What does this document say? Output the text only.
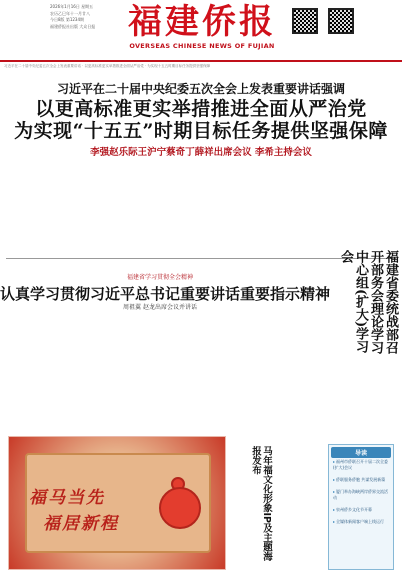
2026年1月16日 星期五
农历乙巳年十一月廿八
今日8版 第1234期
福建侨报社出版 大众日报 福建侨报
OVERSEAS CHINESE NEWS OF FUJIAN
习近平在二十届中央纪委五次全会上发表重要讲话 · 以更高标准更实举措推进全面从严治党 · 为实现十五五时期目标任务提供坚强保障
习近平在二十届中央纪委五次全会上发表重要讲话强调
以更高标准更实举措推进全面从严治党
为实现“十五五”时期目标任务提供坚强保障
李强赵乐际王沪宁蔡奇丁薛祥出席会议 李希主持会议
福建省学习贯彻全会精神
认真学习贯彻习近平总书记重要讲话重要指示精神
周祖翼 赵龙出席会议并讲话	福建省委统战部召开部务会理论学习中心组(扩大)学习会
福马当先
福居新程	马年福文化形象IP及主题海报发布	导读
▸ 福州市侨联召开十届二次全委(扩大)会议
▸ 侨联服务侨胞 共谋发展新篇
▸ 厦门举办海峡两岸侨界交流活动
▸ 泉州侨乡文化节开幕
▸ 全媒体新闻客户端上线运行
